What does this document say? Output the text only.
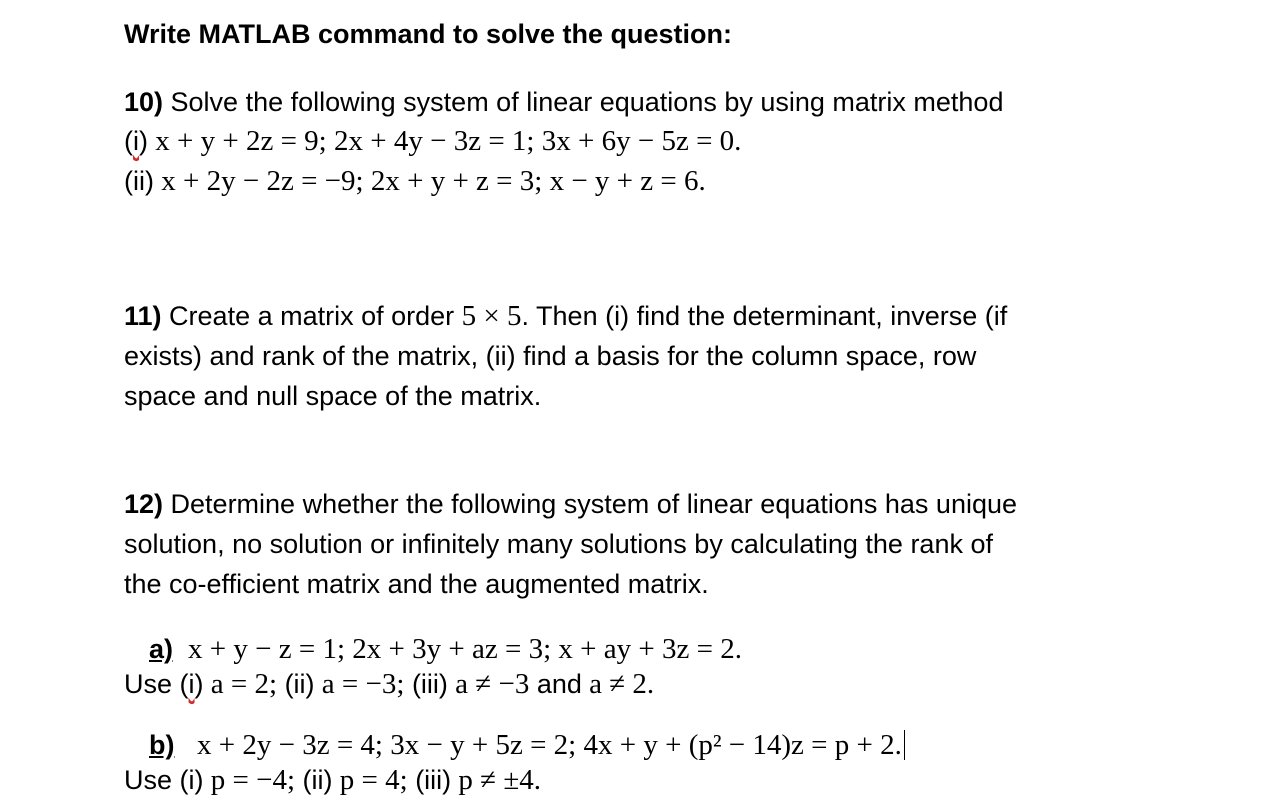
Write MATLAB command to solve the question:
10) Solve the following system of linear equations by using matrix method
(i) x + y + 2z = 9; 2x + 4y − 3z = 1; 3x + 6y − 5z = 0.
(ii) x + 2y − 2z = −9; 2x + y + z = 3; x − y + z = 6.
11) Create a matrix of order 5 × 5. Then (i) find the determinant, inverse (if
exists) and rank of the matrix, (ii) find a basis for the column space, row
space and null space of the matrix.
12) Determine whether the following system of linear equations has unique
solution, no solution or infinitely many solutions by calculating the rank of
the co-efficient matrix and the augmented matrix.
a) x + y − z = 1; 2x + 3y + az = 3; x + ay + 3z = 2.
Use (i) a = 2; (ii) a = −3; (iii) a ≠ −3 and a ≠ 2.
b) x + 2y − 3z = 4; 3x − y + 5z = 2; 4x + y + (p² − 14)z = p + 2.
Use (i) p = −4; (ii) p = 4; (iii) p ≠ ±4.
